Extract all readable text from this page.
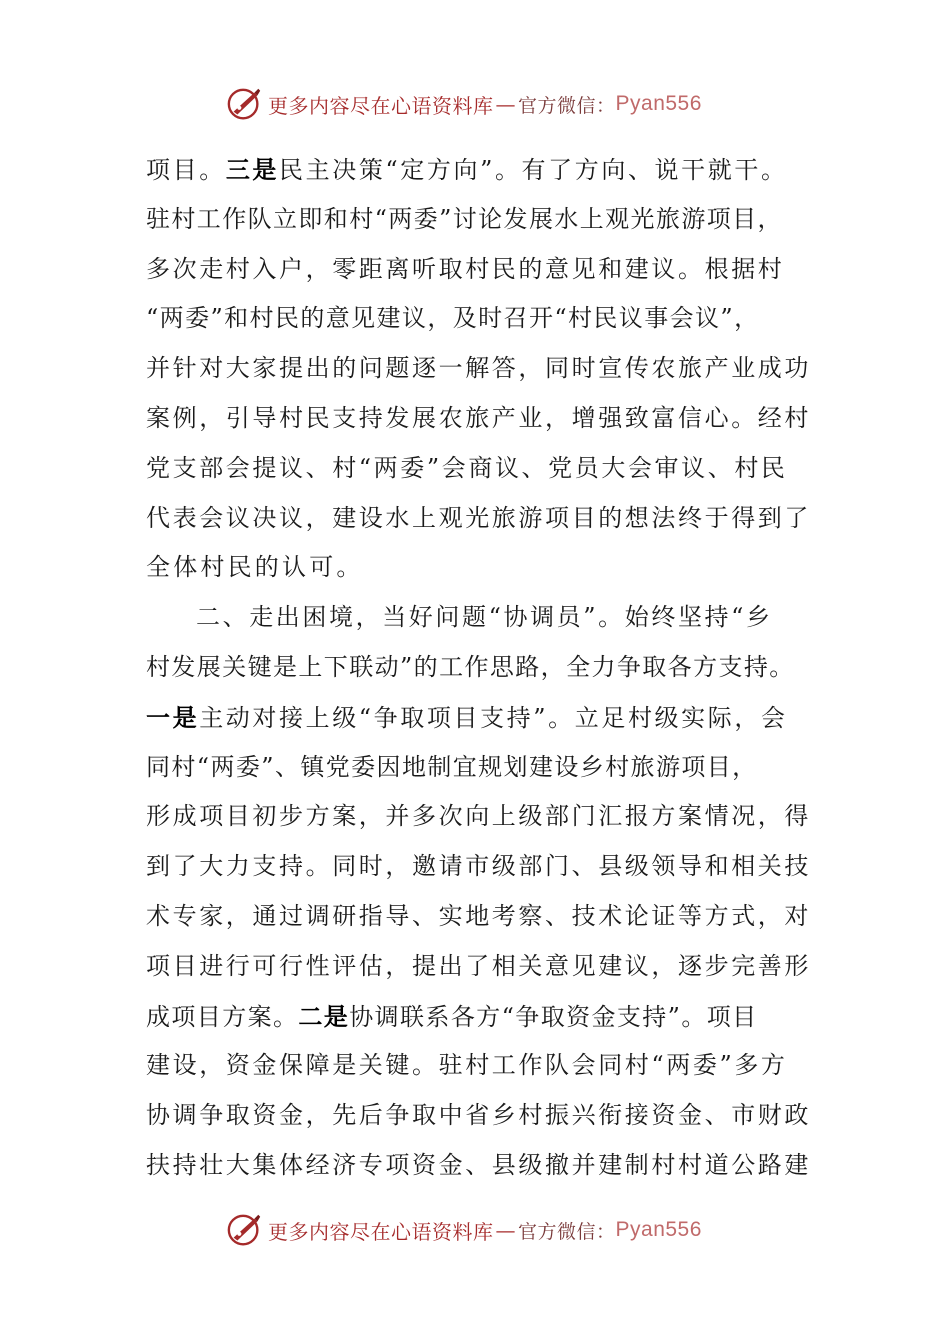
更多内容尽在心语资料库 — 官方微信： Pyan556
项目。三是民主决策“定方向”。有了方向、说干就干。
驻村工作队立即和村“两委”讨论发展水上观光旅游项目，
多次走村入户，零距离听取村民的意见和建议。根据村
“两委”和村民的意见建议，及时召开“村民议事会议”，
并针对大家提出的问题逐一解答，同时宣传农旅产业成功
案例，引导村民支持发展农旅产业，增强致富信心。经村
党支部会提议、村“两委”会商议、党员大会审议、村民
代表会议决议，建设水上观光旅游项目的想法终于得到了
全体村民的认可。
二、走出困境，当好问题“协调员”。始终坚持“乡
村发展关键是上下联动”的工作思路，全力争取各方支持。
一是主动对接上级“争取项目支持”。立足村级实际，会
同村“两委”、镇党委因地制宜规划建设乡村旅游项目，
形成项目初步方案，并多次向上级部门汇报方案情况，得
到了大力支持。同时，邀请市级部门、县级领导和相关技
术专家，通过调研指导、实地考察、技术论证等方式，对
项目进行可行性评估，提出了相关意见建议，逐步完善形
成项目方案。二是协调联系各方“争取资金支持”。项目
建设，资金保障是关键。驻村工作队会同村“两委”多方
协调争取资金，先后争取中省乡村振兴衔接资金、市财政
扶持壮大集体经济专项资金、县级撤并建制村村道公路建
更多内容尽在心语资料库 — 官方微信： Pyan556
